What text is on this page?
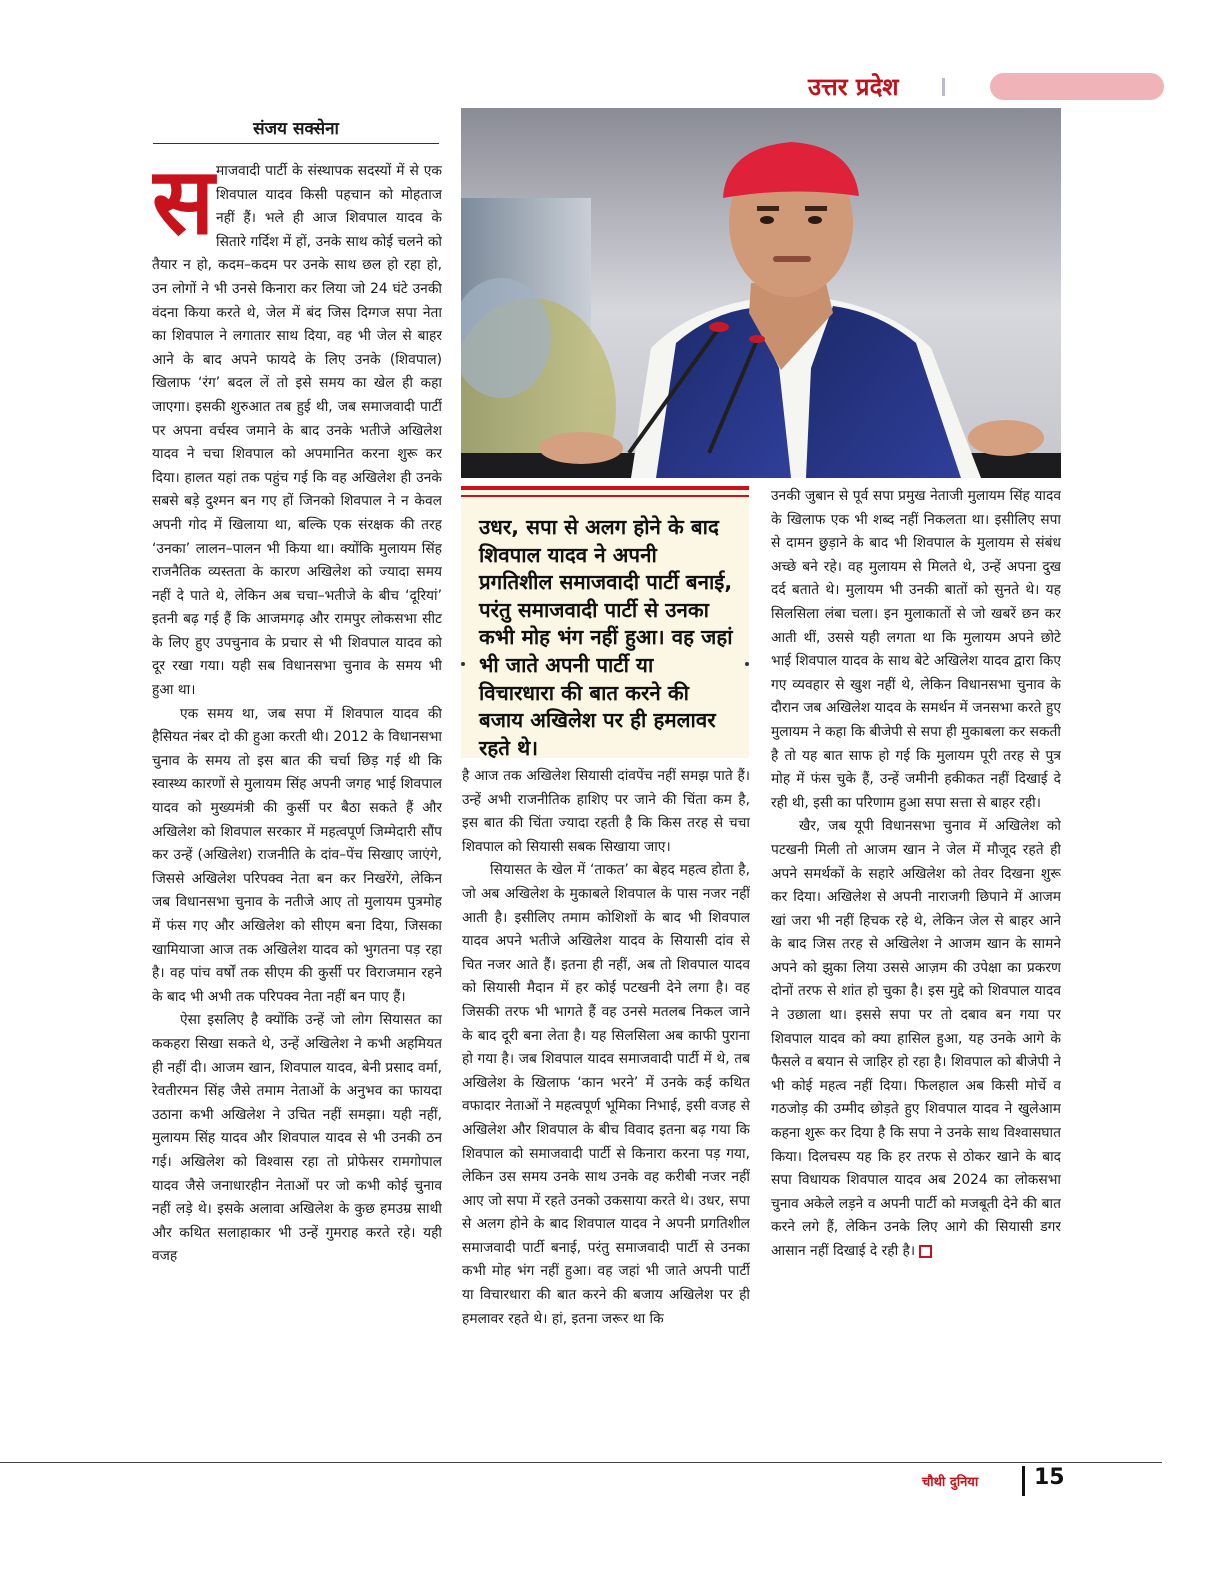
उत्तर प्रदेश
संजय सक्सेना
स माजवादी पार्टी के संस्थापक सदस्यों में से एक शिवपाल यादव किसी पहचान को मोहताज नहीं हैं। भले ही आज शिवपाल यादव के सितारे गर्दिश में हों, उनके साथ कोई चलने को तैयार न हो, कदम–कदम पर उनके साथ छल हो रहा हो, उन लोगों ने भी उनसे किनारा कर लिया जो 24 घंटे उनकी वंदना किया करते थे, जेल में बंद जिस दिग्गज सपा नेता का शिवपाल ने लगातार साथ दिया, वह भी जेल से बाहर आने के बाद अपने फायदे के लिए उनके (शिवपाल) खिलाफ ‘रंग’ बदल लें तो इसे समय का खेल ही कहा जाएगा। इसकी शुरुआत तब हुई थी, जब समाजवादी पार्टी पर अपना वर्चस्व जमाने के बाद उनके भतीजे अखिलेश यादव ने चचा शिवपाल को अपमानित करना शुरू कर दिया। हालत यहां तक पहुंच गई कि वह अखिलेश ही उनके सबसे बड़े दुश्मन बन गए हों जिनको शिवपाल ने न केवल अपनी गोद में खिलाया था, बल्कि एक संरक्षक की तरह ‘उनका’ लालन–पालन भी किया था। क्योंकि मुलायम सिंह राजनैतिक व्यस्तता के कारण अखिलेश को ज्यादा समय नहीं दे पाते थे, लेकिन अब चचा–भतीजे के बीच ‘दूरियां’ इतनी बढ़ गई हैं कि आजमगढ़ और रामपुर लोकसभा सीट के लिए हुए उपचुनाव के प्रचार से भी शिवपाल यादव को दूर रखा गया। यही सब विधानसभा चुनाव के समय भी हुआ था।

एक समय था, जब सपा में शिवपाल यादव की हैसियत नंबर दो की हुआ करती थी। 2012 के विधानसभा चुनाव के समय तो इस बात की चर्चा छिड़ गई थी कि स्वास्थ्य कारणों से मुलायम सिंह अपनी जगह भाई शिवपाल यादव को मुख्यमंत्री की कुर्सी पर बैठा सकते हैं और अखिलेश को शिवपाल सरकार में महत्वपूर्ण जिम्मेदारी सौंप कर उन्हें (अखिलेश) राजनीति के दांव–पेंच सिखाए जाएंगे, जिससे अखिलेश परिपक्व नेता बन कर निखरेंगे, लेकिन जब विधानसभा चुनाव के नतीजे आए तो मुलायम पुत्रमोह में फंस गए और अखिलेश को सीएम बना दिया, जिसका खामियाजा आज तक अखिलेश यादव को भुगतना पड़ रहा है। वह पांच वर्षों तक सीएम की कुर्सी पर विराजमान रहने के बाद भी अभी तक परिपक्व नेता नहीं बन पाए हैं।

ऐसा इसलिए है क्योंकि उन्हें जो लोग सियासत का ककहरा सिखा सकते थे, उन्हें अखिलेश ने कभी अहमियत ही नहीं दी। आजम खान, शिवपाल यादव, बेनी प्रसाद वर्मा, रेवतीरमन सिंह जैसे तमाम नेताओं के अनुभव का फायदा उठाना कभी अखिलेश ने उचित नहीं समझा। यही नहीं, मुलायम सिंह यादव और शिवपाल यादव से भी उनकी ठन गई। अखिलेश को विश्वास रहा तो प्रोफेसर रामगोपाल यादव जैसे जनाधारहीन नेताओं पर जो कभी कोई चुनाव नहीं लड़े थे। इसके अलावा अखिलेश के कुछ हमउम्र साथी और कथित सलाहाकार भी उन्हें गुमराह करते रहे। यही वजह

उधर, सपा से अलग होने के बाद शिवपाल यादव ने अपनी प्रगतिशील समाजवादी पार्टी बनाई, परंतु समाजवादी पार्टी से उनका कभी मोह भंग नहीं हुआ। वह जहां भी जाते अपनी पार्टी या विचारधारा की बात करने की बजाय अखिलेश पर ही हमलावर रहते थे।

है आज तक अखिलेश सियासी दांवपेंच नहीं समझ पाते हैं। उन्हें अभी राजनीतिक हाशिए पर जाने की चिंता कम है, इस बात की चिंता ज्यादा रहती है कि किस तरह से चचा शिवपाल को सियासी सबक सिखाया जाए।

सियासत के खेल में ‘ताकत’ का बेहद महत्व होता है, जो अब अखिलेश के मुकाबले शिवपाल के पास नजर नहीं आती है। इसीलिए तमाम कोशिशों के बाद भी शिवपाल यादव अपने भतीजे अखिलेश यादव के सियासी दांव से चित नजर आते हैं। इतना ही नहीं, अब तो शिवपाल यादव को सियासी मैदान में हर कोई पटखनी देने लगा है। वह जिसकी तरफ भी भागते हैं वह उनसे मतलब निकल जाने के बाद दूरी बना लेता है। यह सिलसिला अब काफी पुराना हो गया है। जब शिवपाल यादव समाजवादी पार्टी में थे, तब अखिलेश के खिलाफ ‘कान भरने’ में उनके कई कथित वफादार नेताओं ने महत्वपूर्ण भूमिका निभाई, इसी वजह से अखिलेश और शिवपाल के बीच विवाद इतना बढ़ गया कि शिवपाल को समाजवादी पार्टी से किनारा करना पड़ गया, लेकिन उस समय उनके साथ उनके वह करीबी नजर नहीं आए जो सपा में रहते उनको उकसाया करते थे। उधर, सपा से अलग होने के बाद शिवपाल यादव ने अपनी प्रगतिशील समाजवादी पार्टी बनाई, परंतु समाजवादी पार्टी से उनका कभी मोह भंग नहीं हुआ। वह जहां भी जाते अपनी पार्टी या विचारधारा की बात करने की बजाय अखिलेश पर ही हमलावर रहते थे। हां, इतना जरूर था कि

उनकी जुबान से पूर्व सपा प्रमुख नेताजी मुलायम सिंह यादव के खिलाफ एक भी शब्द नहीं निकलता था। इसीलिए सपा से दामन छुड़ाने के बाद भी शिवपाल के मुलायम से संबंध अच्छे बने रहे। वह मुलायम से मिलते थे, उन्हें अपना दुख दर्द बताते थे। मुलायम भी उनकी बातों को सुनते थे। यह सिलसिला लंबा चला। इन मुलाकातों से जो खबरें छन कर आती थीं, उससे यही लगता था कि मुलायम अपने छोटे भाई शिवपाल यादव के साथ बेटे अखिलेश यादव द्वारा किए गए व्यवहार से खुश नहीं थे, लेकिन विधानसभा चुनाव के दौरान जब अखिलेश यादव के समर्थन में जनसभा करते हुए मुलायम ने कहा कि बीजेपी से सपा ही मुकाबला कर सकती है तो यह बात साफ हो गई कि मुलायम पूरी तरह से पुत्र मोह में फंस चुके हैं, उन्हें जमीनी हकीकत नहीं दिखाई दे रही थी, इसी का परिणाम हुआ सपा सत्ता से बाहर रही।

खैर, जब यूपी विधानसभा चुनाव में अखिलेश को पटखनी मिली तो आजम खान ने जेल में मौजूद रहते ही अपने समर्थकों के सहारे अखिलेश को तेवर दिखना शुरू कर दिया। अखिलेश से अपनी नाराजगी छिपाने में आजम खां जरा भी नहीं हिचक रहे थे, लेकिन जेल से बाहर आने के बाद जिस तरह से अखिलेश ने आजम खान के सामने अपने को झुका लिया उससे आज़म की उपेक्षा का प्रकरण दोनों तरफ से शांत हो चुका है। इस मुद्दे को शिवपाल यादव ने उछाला था। इससे सपा पर तो दबाव बन गया पर शिवपाल यादव को क्या हासिल हुआ, यह उनके आगे के फैसले व बयान से जाहिर हो रहा है। शिवपाल को बीजेपी ने भी कोई महत्व नहीं दिया। फिलहाल अब किसी मोर्चे व गठजोड़ की उम्मीद छोड़ते हुए शिवपाल यादव ने खुलेआम कहना शुरू कर दिया है कि सपा ने उनके साथ विश्वासघात किया। दिलचस्प यह कि हर तरफ से ठोकर खाने के बाद सपा विधायक शिवपाल यादव अब 2024 का लोकसभा चुनाव अकेले लड़ने व अपनी पार्टी को मजबूती देने की बात करने लगे हैं, लेकिन उनके लिए आगे की सियासी डगर आसान नहीं दिखाई दे रही है।

चौथी दुनिया	15
